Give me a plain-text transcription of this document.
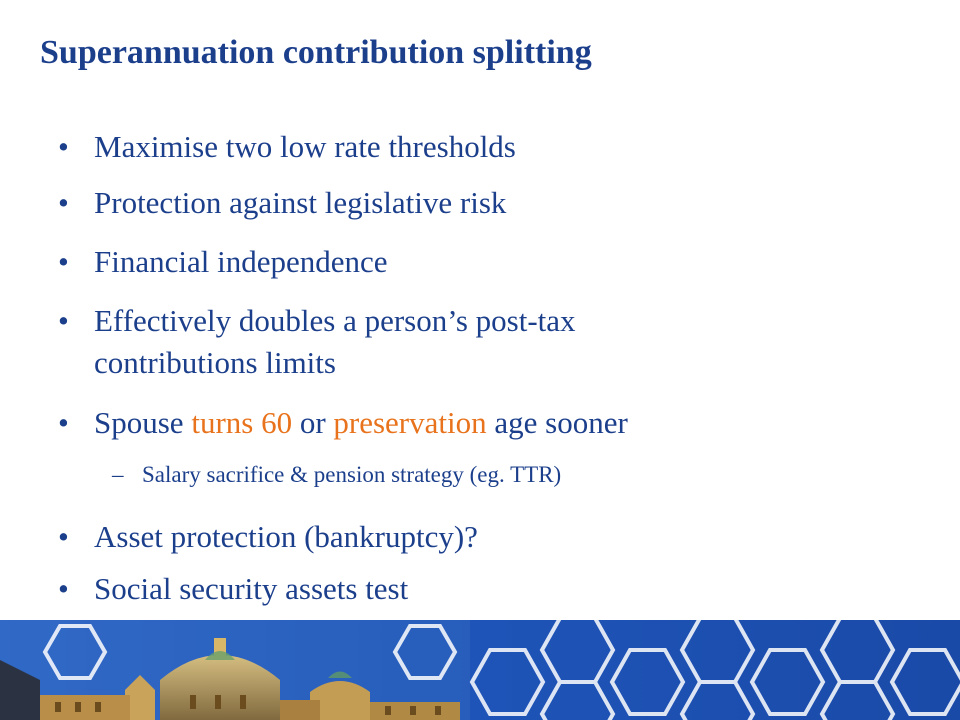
Superannuation contribution splitting
• Maximise two low rate thresholds
• Protection against legislative risk
• Financial independence
• Effectively doubles a person’s post-tax
contributions limits
• Spouse turns 60 or preservation age sooner
– Salary sacrifice & pension strategy (eg. TTR)
• Asset protection (bankruptcy)?
• Social security assets test
